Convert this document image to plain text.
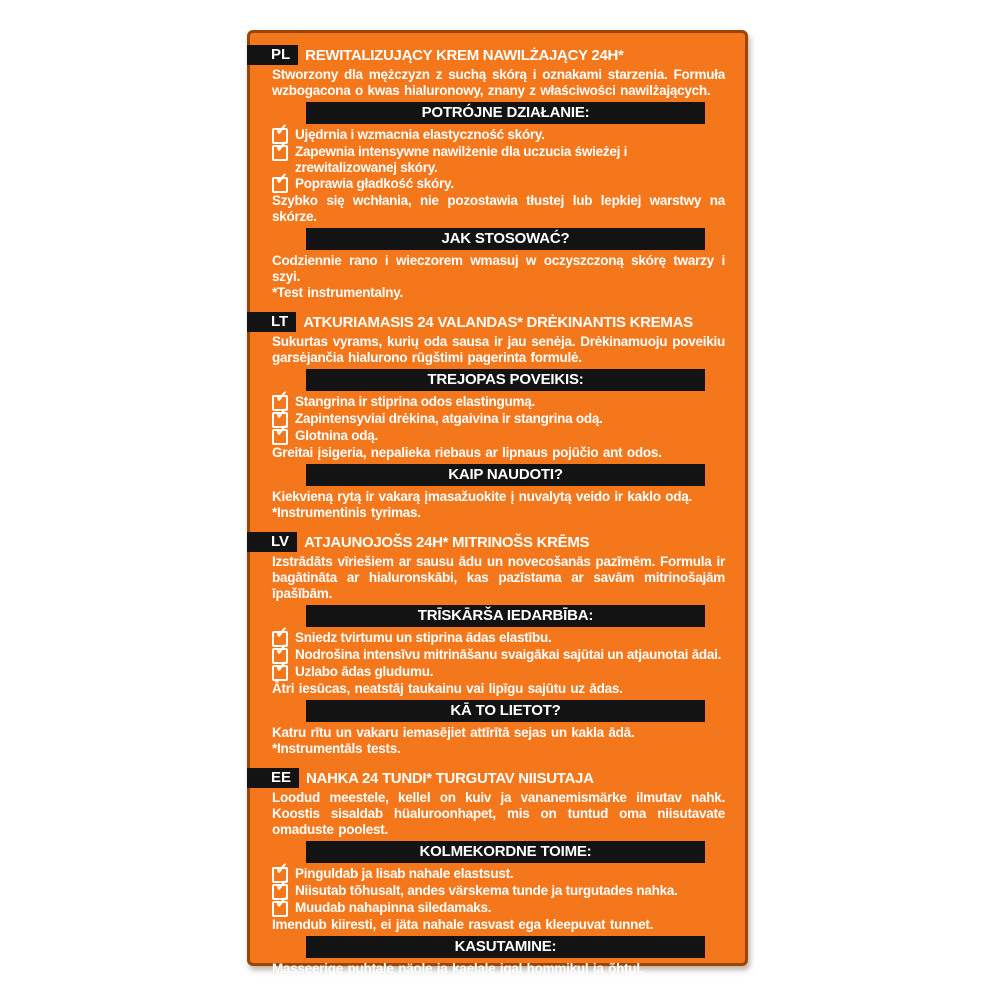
PL	REWITALIZUJĄCY KREM NAWILŻAJĄCY 24H*

Stworzony dla mężczyzn z suchą skórą i oznakami starzenia. Formuła wzbogacona o kwas hialuronowy, znany z właściwości nawilżających.

POTRÓJNE DZIAŁANIE:
✓ Ujędrnia i wzmacnia elastyczność skóry.
✓ Zapewnia intensywne nawilżenie dla uczucia świeżej i zrewitalizowanej skóry.
✓ Poprawia gładkość skóry.

Szybko się wchłania, nie pozostawia tłustej lub lepkiej warstwy na skórze.

JAK STOSOWAĆ?

Codziennie rano i wieczorem wmasuj w oczyszczoną skórę twarzy i szyi.

*Test instrumentalny.

LT	ATKURIAMASIS 24 VALANDAS* DRĖKINANTIS KREMAS

Sukurtas vyrams, kurių oda sausa ir jau senėja. Drėkinamuoju poveikiu garsėjančia hialurono rūgštimi pagerinta formulė.

TREJOPAS POVEIKIS:
✓ Stangrina ir stiprina odos elastingumą.
✓ Zapintensyviai drėkina, atgaivina ir stangrina odą.
✓ Glotnina odą.

Greitai įsigeria, nepalieka riebaus ar lipnaus pojūčio ant odos.

KAIP NAUDOTI?

Kiekvieną rytą ir vakarą įmasažuokite į nuvalytą veido ir kaklo odą.

*Instrumentinis tyrimas.

LV	ATJAUNOJOŠS 24H* MITRINOŠS KRĒMS

Izstrādāts vīriešiem ar sausu ādu un novecošanās pazīmēm. Formula ir bagātināta ar hialuronskābi, kas pazīstama ar savām mitrinošajām īpašībām.

TRĪSKĀRŠA IEDARBĪBA:
✓ Sniedz tvirtumu un stiprina ādas elastību.
✓ Nodrošina intensīvu mitrināšanu svaigākai sajūtai un atjaunotai ādai.
✓ Uzlabo ādas gludumu.

Ātri iesūcas, neatstāj taukainu vai lipīgu sajūtu uz ādas.

KĀ TO LIETOT?

Katru rītu un vakaru iemasējiet attīrītā sejas un kakla ādā.

*Instrumentāls tests.

EE	NAHKA 24 TUNDI* TURGUTAV NIISUTAJA

Loodud meestele, kellel on kuiv ja vananemismärke ilmutav nahk. Koostis sisaldab hüaluroonhapet, mis on tuntud oma niisutavate omaduste poolest.

KOLMEKORDNE TOIME:
✓ Pinguldab ja lisab nahale elastsust.
✓ Niisutab tõhusalt, andes värskema tunde ja turgutades nahka.
✓ Muudab nahapinna siledamaks.

Imendub kiiresti, ei jäta nahale rasvast ega kleepuvat tunnet.

KASUTAMINE:

Masseerige puhtale näole ja kaelale igal hommikul ja õhtul.

*Instrumentaalne katse.
